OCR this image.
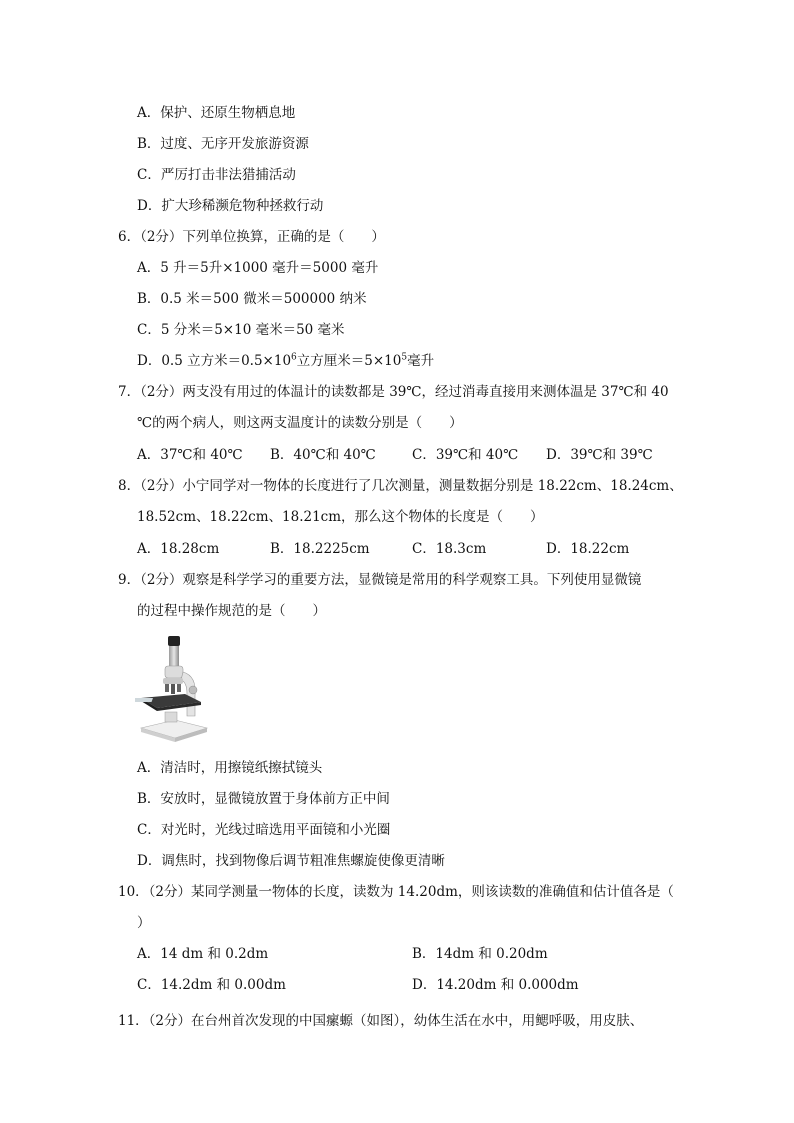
A．保护、还原生物栖息地
B．过度、无序开发旅游资源
C．严厉打击非法猎捕活动
D．扩大珍稀濒危物种拯救行动
6．（2分）下列单位换算，正确的是（　　）
A．5 升＝5升×1000 毫升＝5000 毫升
B．0.5 米＝500 微米＝500000 纳米
C．5 分米＝5×10 毫米＝50 毫米
D．0.5 立方米$=0.5\times 10^6$立方厘米$=5\times 10^5$毫升
7．（2分）两支没有用过的体温计的读数都是 39℃，经过消毒直接用来测体温是 37℃和 40
℃的两个病人，则这两支温度计的读数分别是（　　）
A．37℃和 40℃ B．40℃和 40℃	C．39℃和 40℃ D．39℃和 39℃
8．（2分）小宁同学对一物体的长度进行了几次测量，测量数据分别是 18.22cm、18.24cm、
18.52cm、18.22cm、18.21cm，那么这个物体的长度是（　　）
A．18.28cm	B．18.2225cm	C．18.3cm	D．18.22cm
9．（2分）观察是科学学习的重要方法，显微镜是常用的科学观察工具。下列使用显微镜
的过程中操作规范的是（　　）
A．清洁时，用擦镜纸擦拭镜头
B．安放时，显微镜放置于身体前方正中间
C．对光时，光线过暗选用平面镜和小光圈
D．调焦时，找到物像后调节粗准焦螺旋使像更清晰
10．（2分）某同学测量一物体的长度，读数为 14.20dm，则该读数的准确值和估计值各是（
）
A．14 dm 和 0.2dm	B．14dm 和 0.20dm
C．14.2dm 和 0.00dm	D．14.20dm 和 0.000dm
11．（2分）在台州首次发现的中国瘰螈（如图），幼体生活在水中，用鳃呼吸，用皮肤、
